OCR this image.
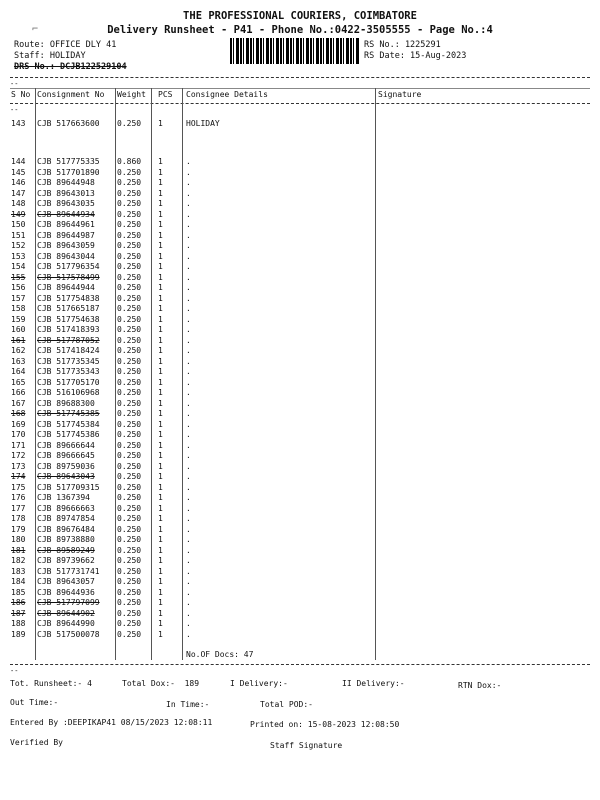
THE PROFESSIONAL COURIERS, COIMBATORE
Delivery Runsheet - P41 - Phone No.:0422-3505555 - Page No.:4
⌐
Route: OFFICE DLY 41
Staff: HOLIDAY
DRS No.: DCJB122529104
RS No.: 1225291
RS Date: 15-Aug-2023
--
S No Consignment No Weight PCS Consignee Details	Signature
--
143 CJB 517663600 0.250 1	HOLIDAY
144 CJB 517775335 0.860 1	.
145 CJB 517701890 0.250 1	.
146 CJB 89644948	0.250 1	.
147 CJB 89643013	0.250 1	.
148 CJB 89643035	0.250 1	.
149 CJB 89644934	0.250 1	.
150 CJB 89644961	0.250 1	.
151 CJB 89644987	0.250 1	.
152 CJB 89643059	0.250 1	.
153 CJB 89643044	0.250 1	.
154 CJB 517796354 0.250 1	.
155 CJB 517578499 0.250 1	.
156 CJB 89644944	0.250 1	.
157 CJB 517754838 0.250 1	.
158 CJB 517665187 0.250 1	.
159 CJB 517754638 0.250 1	.
160 CJB 517418393 0.250 1	.
161 CJB 517787052 0.250 1	.
162 CJB 517418424 0.250 1	.
163 CJB 517735345 0.250 1	.
164 CJB 517735343 0.250 1	.
165 CJB 517705170 0.250 1	.
166 CJB 516106968 0.250 1	.
167 CJB 89688300	0.250 1	.
168 CJB 517745385 0.250 1	.
169 CJB 517745384 0.250 1	.
170 CJB 517745386 0.250 1	.
171 CJB 89666644	0.250 1	.
172 CJB 89666645	0.250 1	.
173 CJB 89759036	0.250 1	.
174 CJB 89643043	0.250 1	.
175 CJB 517709315 0.250 1	.
176 CJB 1367394	0.250 1	.
177 CJB 89666663	0.250 1	.
178 CJB 89747854	0.250 1	.
179 CJB 89676484	0.250 1	.
180 CJB 89738880	0.250 1	.
181 CJB 89589249	0.250 1	.
182 CJB 89739662	0.250 1	.
183 CJB 517731741 0.250 1	.
184 CJB 89643057	0.250 1	.
185 CJB 89644936	0.250 1	.
186 CJB 517797099 0.250 1	.
187 CJB 89644902	0.250 1	.
188 CJB 89644990	0.250 1	.
189 CJB 517500078 0.250 1	.
No.OF Docs: 47
--
Tot. Runsheet:- 4	Total Dox:-  189	I Delivery:-	II Delivery:-	RTN Dox:-
Out Time:-	In Time:-	Total POD:-
Entered By :DEEPIKAP41 08/15/2023 12:08:11	Printed on: 15-08-2023 12:08:50
Verified By	Staff Signature
